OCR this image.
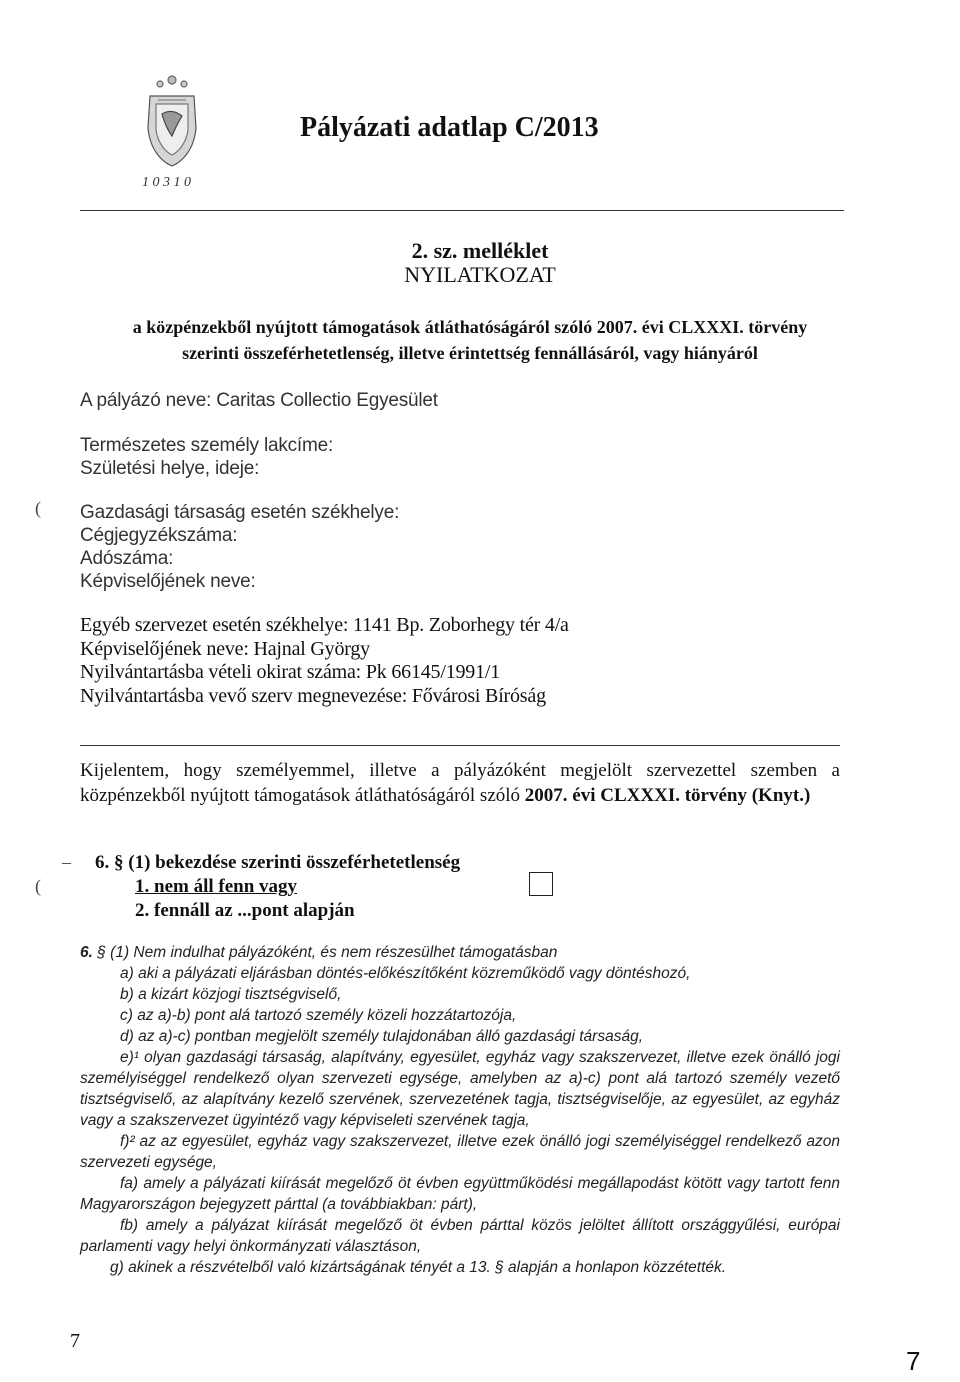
1 0 3 1 0
Pályázati adatlap C/2013
2. sz. melléklet
NYILATKOZAT
a közpénzekből nyújtott támogatások átláthatóságáról szóló 2007. évi CLXXXI. törvény
szerinti összeférhetetlenség, illetve érintettség fennállásáról, vagy hiányáról
A pályázó neve: Caritas Collectio Egyesület
Természetes személy lakcíme:
Születési helye, ideje:
( Gazdasági társaság esetén székhelye:
Cégjegyzékszáma:
Adószáma:
Képviselőjének neve:
Egyéb szervezet esetén székhelye: 1141 Bp. Zoborhegy tér 4/a
Képviselőjének neve: Hajnal György
Nyilvántartásba vételi okirat száma: Pk 66145/1991/1
Nyilvántartásba vevő szerv megnevezése: Fővárosi Bíróság
Kijelentem, hogy személyemmel, illetve a pályázóként megjelölt szervezettel szemben a közpénzekből nyújtott támogatások átláthatóságáról szóló 2007. évi CLXXXI. törvény (Knyt.)
– 6. § (1) bekezdése szerinti összeférhetetlenség
(	1. nem áll fenn vagy
2. fennáll az ...pont alapján

6. § (1) Nem indulhat pályázóként, és nem részesülhet támogatásban

a) aki a pályázati eljárásban döntés-előkészítőként közreműködő vagy döntéshozó,

b) a kizárt közjogi tisztségviselő,

c) az a)-b) pont alá tartozó személy közeli hozzátartozója,

d) az a)-c) pontban megjelölt személy tulajdonában álló gazdasági társaság,

e)¹ olyan gazdasági társaság, alapítvány, egyesület, egyház vagy szakszervezet, illetve ezek önálló jogi személyiséggel rendelkező olyan szervezeti egysége, amelyben az a)-c) pont alá tartozó személy vezető tisztségviselő, az alapítvány kezelő szervének, szervezetének tagja, tisztségviselője, az egyesület, az egyház vagy a szakszervezet ügyintéző vagy képviseleti szervének tagja,

f)² az az egyesület, egyház vagy szakszervezet, illetve ezek önálló jogi személyiséggel rendelkező azon szervezeti egysége,

fa) amely a pályázati kiírását megelőző öt évben együttműködési megállapodást kötött vagy tartott fenn Magyarországon bejegyzett párttal (a továbbiakban: párt),

fb) amely a pályázat kiírását megelőző öt évben párttal közös jelöltet állított országgyűlési, európai parlamenti vagy helyi önkormányzati választáson,

g) akinek a részvételből való kizártságának tényét a 13. § alapján a honlapon közzétették.

7
7
